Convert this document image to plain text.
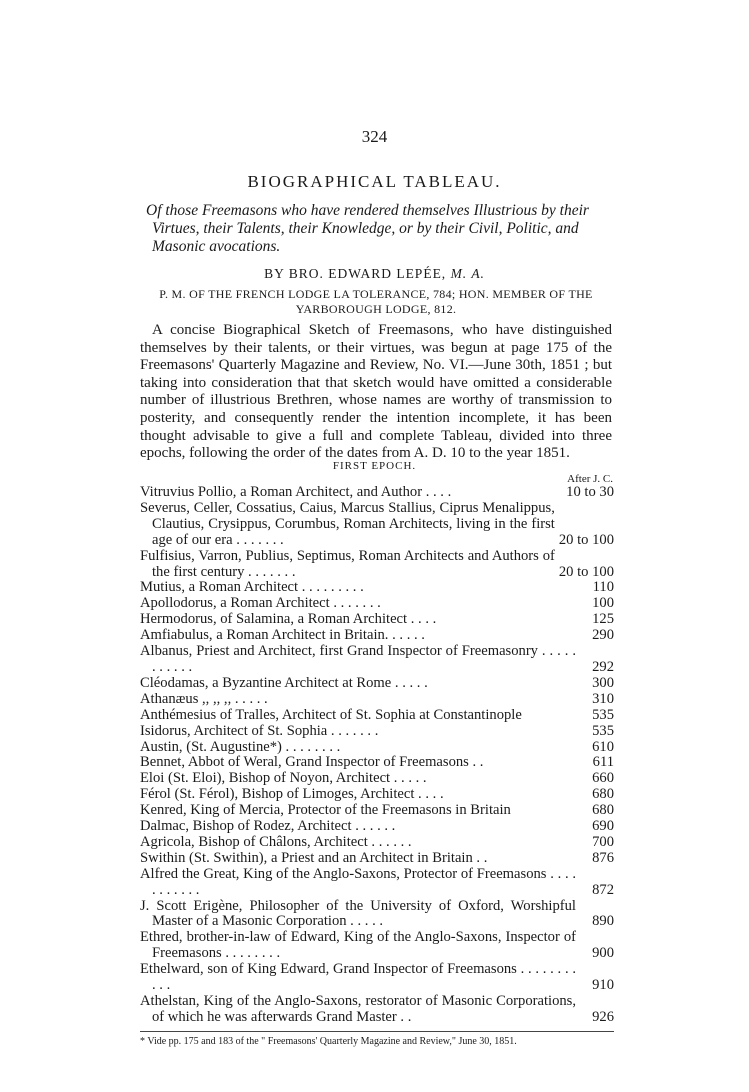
324
BIOGRAPHICAL TABLEAU.
Of those Freemasons who have rendered themselves Illustrious by their Virtues, their Talents, their Knowledge, or by their Civil, Politic, and Masonic avocations.
BY BRO. EDWARD LEPÉE, M. A.
P. M. OF THE FRENCH LODGE LA TOLERANCE, 784; HON. MEMBER OF THE YARBOROUGH LODGE, 812.

A concise Biographical Sketch of Freemasons, who have distinguished themselves by their talents, or their virtues, was begun at page 175 of the Freemasons' Quarterly Magazine and Review, No. VI.—June 30th, 1851 ; but taking into consideration that that sketch would have omitted a considerable number of illustrious Brethren, whose names are worthy of transmission to posterity, and consequently render the intention incomplete, it has been thought advisable to give a full and complete Tableau, divided into three epochs, following the order of the dates from A. D. 10 to the year 1851.

FIRST EPOCH.
After J. C.
Vitruvius Pollio, a Roman Architect, and Author . . . .	10 to 30
Severus, Celler, Cossatius, Caius, Marcus Stallius, Ciprus Menalippus, Clautius, Crysippus, Corumbus, Roman Architects, living in the first age of our era . . . . . . .	20 to 100
Fulfisius, Varron, Publius, Septimus, Roman Architects and Authors of the first century . . . . . . .	20 to 100
Mutius, a Roman Architect . . . . . . . . .	110
Apollodorus, a Roman Architect . . . . . . .	100
Hermodorus, of Salamina, a Roman Architect . . . .	125
Amfiabulus, a Roman Architect in Britain. . . . . .	290
Albanus, Priest and Architect, first Grand Inspector of Freemasonry . . . . . . . . . . .	292
Cléodamas, a Byzantine Architect at Rome . . . . .	300
Athanæus ,, ,, ,, . . . . .	310
Anthémesius of Tralles, Architect of St. Sophia at Constantinople	535
Isidorus, Architect of St. Sophia . . . . . . .	535
Austin, (St. Augustine*) . . . . . . . .	610
Bennet, Abbot of Weral, Grand Inspector of Freemasons . .	611
Eloi (St. Eloi), Bishop of Noyon, Architect . . . . .	660
Férol (St. Férol), Bishop of Limoges, Architect . . . .	680
Kenred, King of Mercia, Protector of the Freemasons in Britain	680
Dalmac, Bishop of Rodez, Architect . . . . . .	690
Agricola, Bishop of Châlons, Architect . . . . . .	700
Swithin (St. Swithin), a Priest and an Architect in Britain . .	876
Alfred the Great, King of the Anglo-Saxons, Protector of Freemasons . . . . . . . . . . .	872
J. Scott Erigène, Philosopher of the University of Oxford, Worshipful Master of a Masonic Corporation . . . . .	890
Ethred, brother-in-law of Edward, King of the Anglo-Saxons, Inspector of Freemasons . . . . . . . .	900
Ethelward, son of King Edward, Grand Inspector of Freemasons . . . . . . . . . . .	910
Athelstan, King of the Anglo-Saxons, restorator of Masonic Corporations, of which he was afterwards Grand Master . .	926
* Vide pp. 175 and 183 of the " Freemasons' Quarterly Magazine and Review," June 30, 1851.
